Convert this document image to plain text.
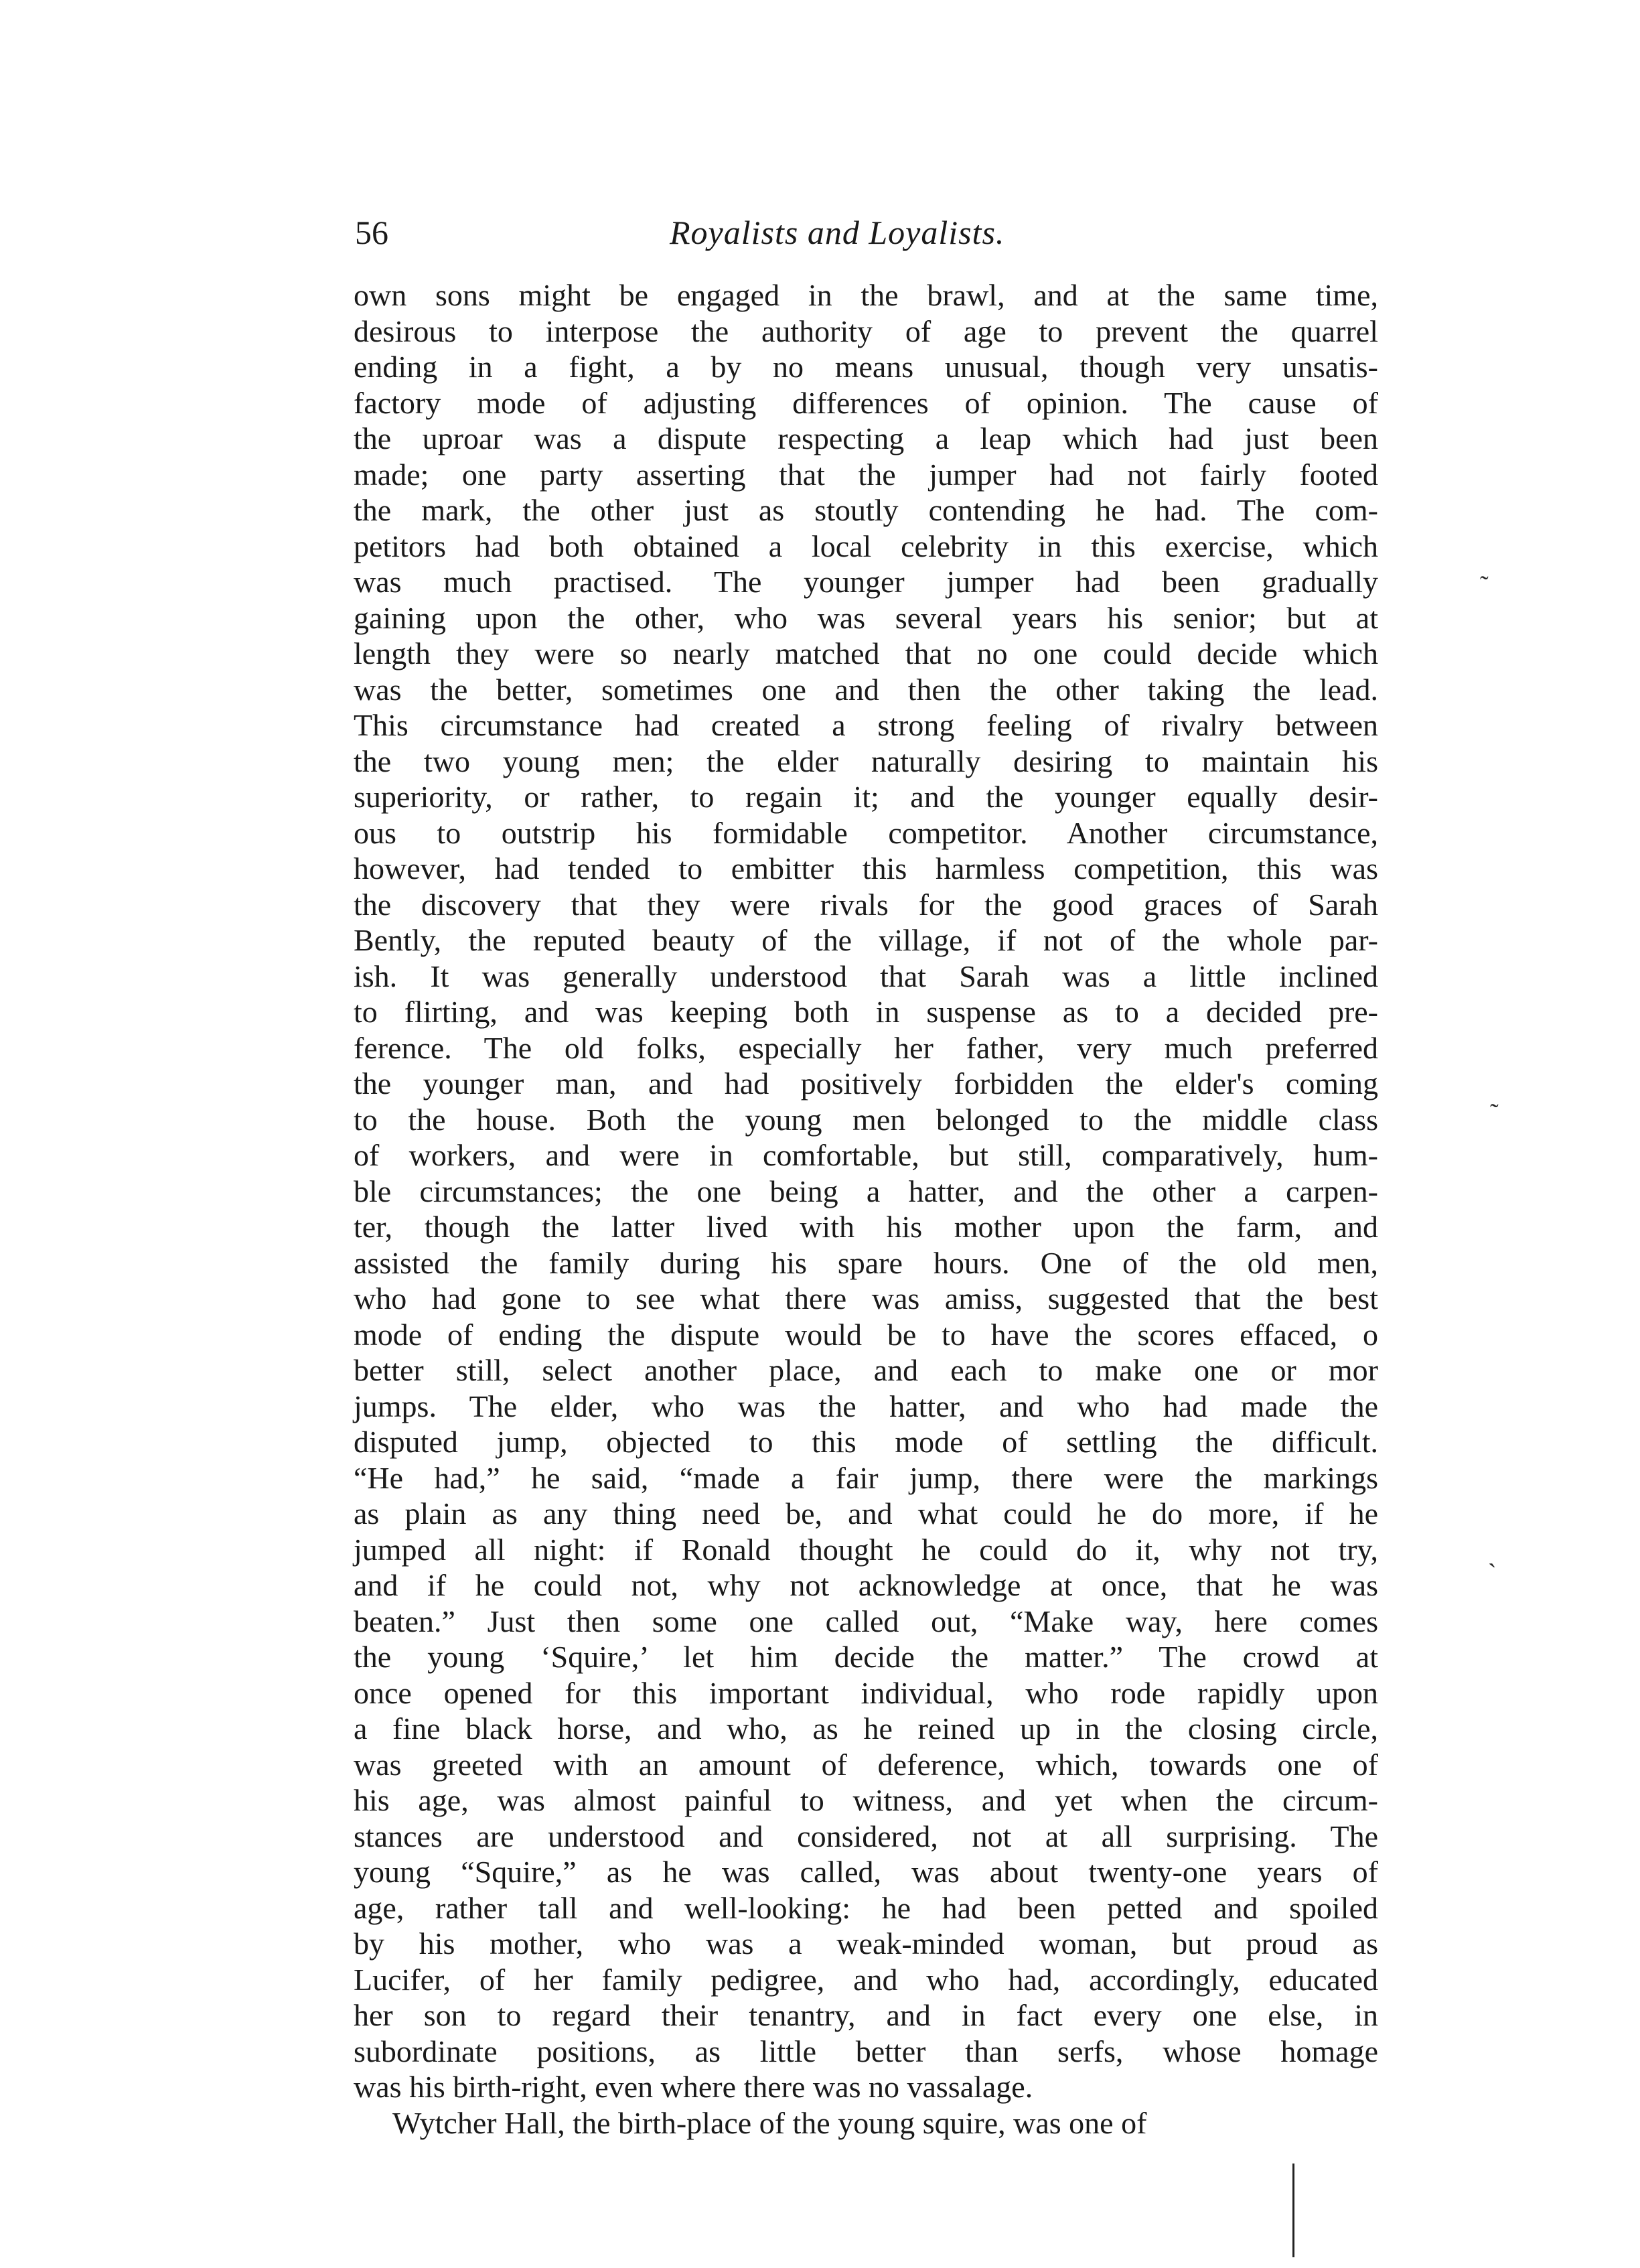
56	Royalists and Loyalists.
own sons might be engaged in the brawl, and at the same time,
desirous to interpose the authority of age to prevent the quarrel
ending in a fight, a by no means unusual, though very unsatis-
factory mode of adjusting differences of opinion. The cause of
the uproar was a dispute respecting a leap which had just been
made; one party asserting that the jumper had not fairly footed
the mark, the other just as stoutly contending he had. The com-
petitors had both obtained a local celebrity in this exercise, which
was much practised. The younger jumper had been gradually
gaining upon the other, who was several years his senior; but at
length they were so nearly matched that no one could decide which
was the better, sometimes one and then the other taking the lead.
This circumstance had created a strong feeling of rivalry between
the two young men; the elder naturally desiring to maintain his
superiority, or rather, to regain it; and the younger equally desir-
ous to outstrip his formidable competitor. Another circumstance,
however, had tended to embitter this harmless competition, this was
the discovery that they were rivals for the good graces of Sarah
Bently, the reputed beauty of the village, if not of the whole par-
ish. It was generally understood that Sarah was a little inclined
to flirting, and was keeping both in suspense as to a decided pre-
ference. The old folks, especially her father, very much preferred
the younger man, and had positively forbidden the elder's coming
to the house. Both the young men belonged to the middle class
of workers, and were in comfortable, but still, comparatively, hum-
ble circumstances; the one being a hatter, and the other a carpen-
ter, though the latter lived with his mother upon the farm, and
assisted the family during his spare hours. One of the old men,
who had gone to see what there was amiss, suggested that the best
mode of ending the dispute would be to have the scores effaced, o
better still, select another place, and each to make one or mor
jumps. The elder, who was the hatter, and who had made the
disputed jump, objected to this mode of settling the difficult.
“He had,” he said, “made a fair jump, there were the markings
as plain as any thing need be, and what could he do more, if he
jumped all night: if Ronald thought he could do it, why not try,
and if he could not, why not acknowledge at once, that he was
beaten.” Just then some one called out, “Make way, here comes
the young ‘Squire,’ let him decide the matter.” The crowd at
once opened for this important individual, who rode rapidly upon
a fine black horse, and who, as he reined up in the closing circle,
was greeted with an amount of deference, which, towards one of
his age, was almost painful to witness, and yet when the circum-
stances are understood and considered, not at all surprising. The
young “Squire,” as he was called, was about twenty-one years of
age, rather tall and well-looking: he had been petted and spoiled
by his mother, who was a weak-minded woman, but proud as
Lucifer, of her family pedigree, and who had, accordingly, educated
her son to regard their tenantry, and in fact every one else, in
subordinate positions, as little better than serfs, whose homage
was his birth-right, even where there was no vassalage.
Wytcher Hall, the birth-place of the young squire, was one of
˜
˜
ˎ
